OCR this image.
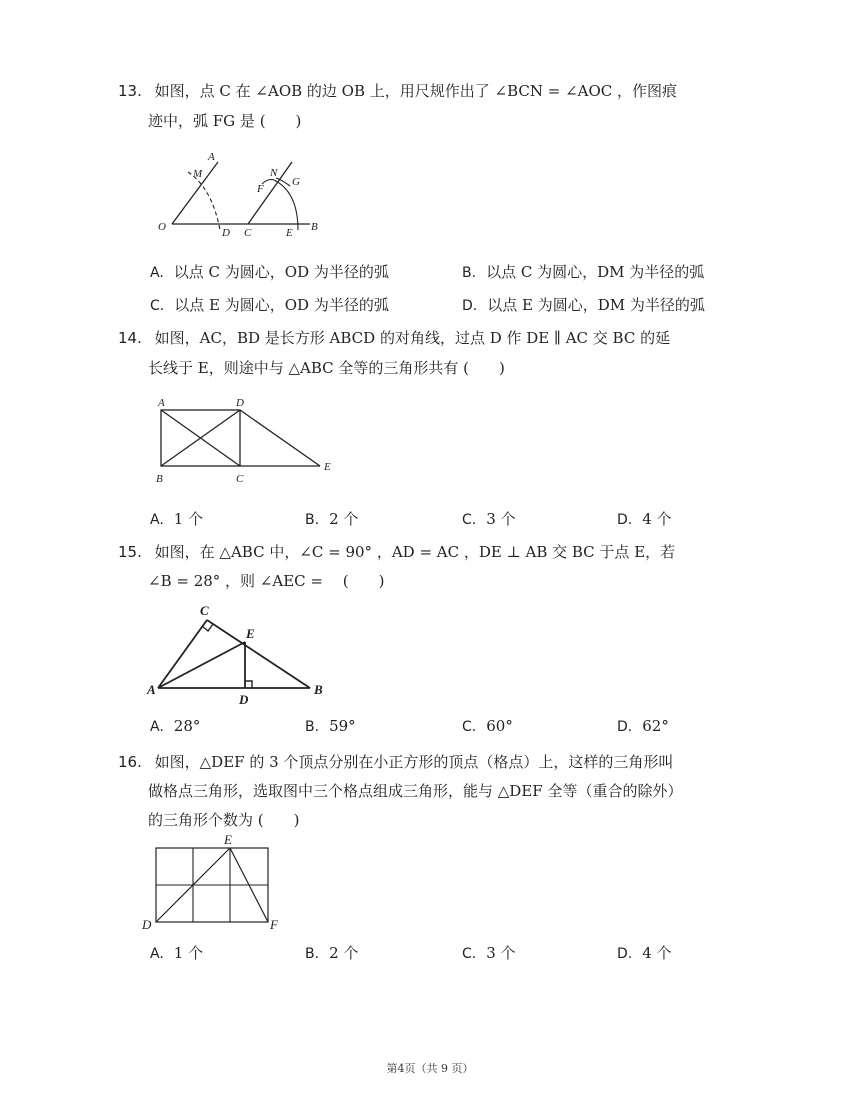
13. 如图，点 C 在 ∠AOB 的边 OB 上，用尺规作出了 ∠BCN = ∠AOC ，作图痕
迹中，弧 FG 是 (　　)
A
M
O	D C
N
F
G
E B
A. 以点 C 为圆心，OD 为半径的弧	B. 以点 C 为圆心，DM 为半径的弧
C. 以点 E 为圆心，OD 为半径的弧	D. 以点 E 为圆心，DM 为半径的弧
14. 如图，AC，BD 是长方形 ABCD 的对角线，过点 D 作 DE ∥ AC 交 BC 的延
长线于 E，则途中与 △ABC 全等的三角形共有 (　　)
A	D
B	C
E
A. 1 个	B. 2 个	C. 3 个	D. 4 个
15. 如图，在 △ABC 中，∠C = 90° ，AD = AC ，DE ⊥ AB 交 BC 于点 E，若
∠B = 28° ，则 ∠AEC = 　(　　)
C
E
A
D
B
A. 28°	B. 59°	C. 60°	D. 62°
16. 如图，△DEF 的 3 个顶点分别在小正方形的顶点（格点）上，这样的三角形叫
做格点三角形，选取图中三个格点组成三角形，能与 △DEF 全等（重合的除外）
的三角形个数为 (　　)
E
D	F
A. 1 个	B. 2 个	C. 3 个	D. 4 个
第4页（共 9 页）
